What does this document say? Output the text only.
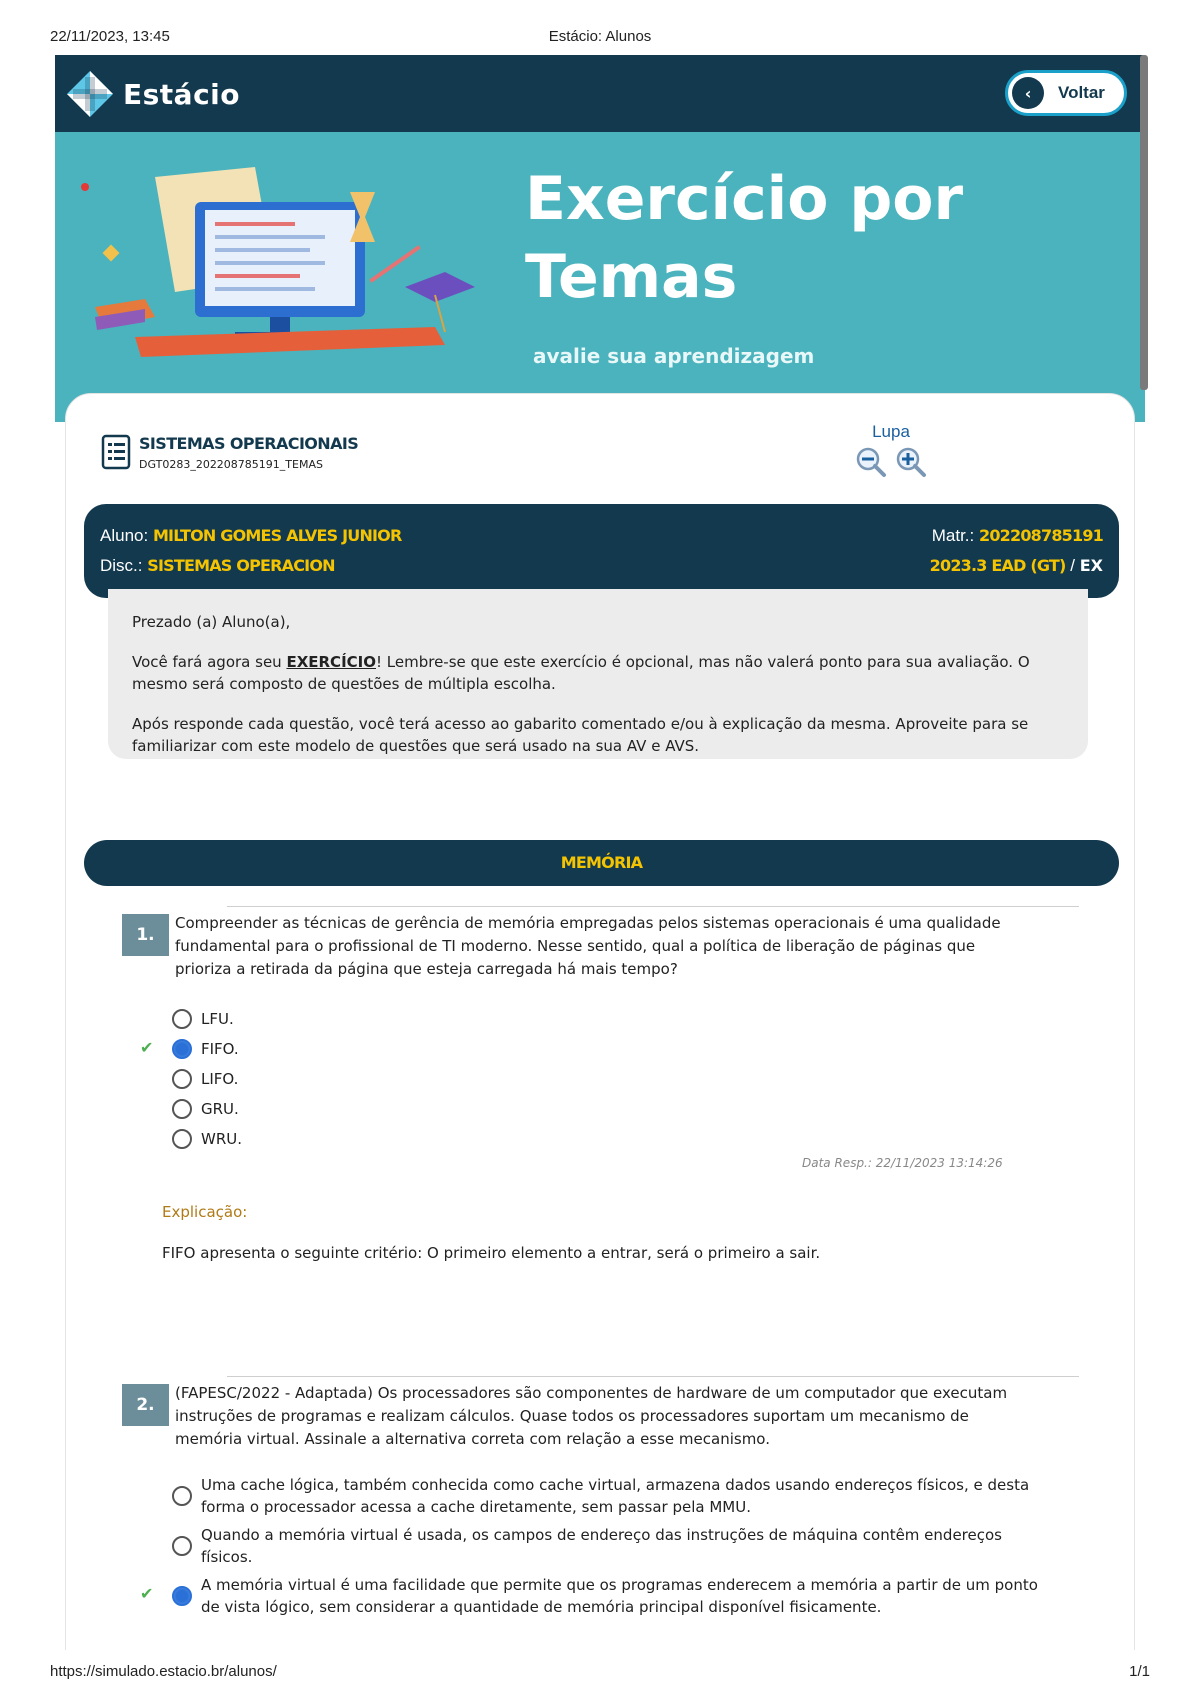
22/11/2023, 13:45	Estácio: Alunos
Estácio	‹	Voltar
Exercício por
Temas
avalie sua aprendizagem
SISTEMAS OPERACIONAIS
DGT0283_202208785191_TEMAS
Lupa
Aluno: MILTON GOMES ALVES JUNIOR
Disc.: SISTEMAS OPERACION
Matr.: 202208785191
2023.3 EAD (GT) / EX

Prezado (a) Aluno(a),

Você fará agora seu EXERCÍCIO! Lembre-se que este exercício é opcional, mas não valerá ponto para sua avaliação. O mesmo será composto de questões de múltipla escolha.

Após responde cada questão, você terá acesso ao gabarito comentado e/ou à explicação da mesma. Aproveite para se familiarizar com este modelo de questões que será usado na sua AV e AVS.

MEMÓRIA
1.
Compreender as técnicas de gerência de memória empregadas pelos sistemas operacionais é uma qualidade fundamental para o profissional de TI moderno. Nesse sentido, qual a política de liberação de páginas que prioriza a retirada da página que esteja carregada há mais tempo?
LFU.
✔	FIFO.
LIFO.
GRU.
WRU.
Data Resp.: 22/11/2023 13:14:26
Explicação:
FIFO apresenta o seguinte critério: O primeiro elemento a entrar, será o primeiro a sair.
2.
(FAPESC/2022 - Adaptada) Os processadores são componentes de hardware de um computador que executam instruções de programas e realizam cálculos. Quase todos os processadores suportam um mecanismo de memória virtual. Assinale a alternativa correta com relação a esse mecanismo.
Uma cache lógica, também conhecida como cache virtual, armazena dados usando endereços físicos, e desta forma o processador acessa a cache diretamente, sem passar pela MMU.
Quando a memória virtual é usada, os campos de endereço das instruções de máquina contêm endereços físicos.
✔	A memória virtual é uma facilidade que permite que os programas enderecem a memória a partir de um ponto de vista lógico, sem considerar a quantidade de memória principal disponível fisicamente.
https://simulado.estacio.br/alunos/	1/1
